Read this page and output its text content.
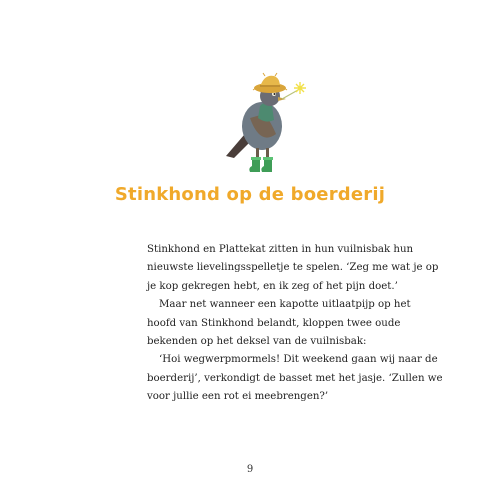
Stinkhond op de boerderij
Stinkhond en Plattekat zitten in hun vuilnisbak hun
nieuwste lievelingsspelletje te spelen. ‘Zeg me wat je op
je kop gekregen hebt, en ik zeg of het pijn doet.’
Maar net wanneer een kapotte uitlaatpijp op het
hoofd van Stinkhond belandt, kloppen twee oude
bekenden op het deksel van de vuilnisbak:
‘Hoi wegwerpmormels! Dit weekend gaan wij naar de
boerderij’, verkondigt de basset met het jasje. ‘Zullen we
voor jullie een rot ei meebrengen?’
9
